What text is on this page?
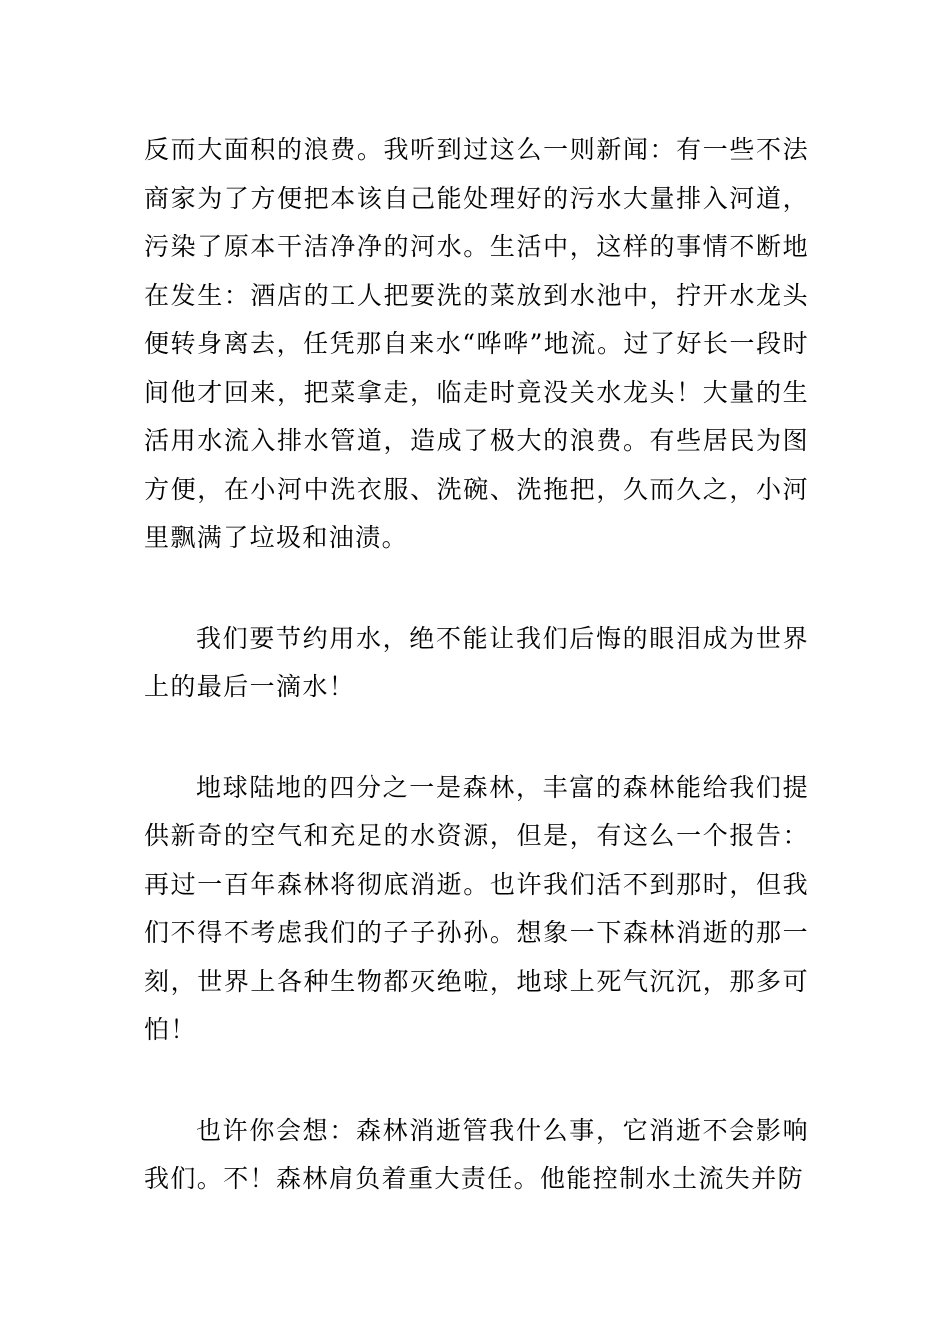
反而大面积的浪费。我听到过这么一则新闻：有一些不法商家为了方便把本该自己能处理好的污水大量排入河道，污染了原本干洁净净的河水。生活中，这样的事情不断地在发生：酒店的工人把要洗的菜放到水池中，拧开水龙头便转身离去，任凭那自来水“哗哗”地流。过了好长一段时间他才回来，把菜拿走，临走时竟没关水龙头！大量的生活用水流入排水管道，造成了极大的浪费。有些居民为图方便，在小河中洗衣服、洗碗、洗拖把，久而久之，小河里飘满了垃圾和油渍。

我们要节约用水，绝不能让我们后悔的眼泪成为世界上的最后一滴水！

地球陆地的四分之一是森林，丰富的森林能给我们提供新奇的空气和充足的水资源，但是，有这么一个报告：再过一百年森林将彻底消逝。也许我们活不到那时，但我们不得不考虑我们的子子孙孙。想象一下森林消逝的那一刻，世界上各种生物都灭绝啦，地球上死气沉沉，那多可怕！

也许你会想：森林消逝管我什么事，它消逝不会影响我们。不！森林肩负着重大责任。他能控制水土流失并防
